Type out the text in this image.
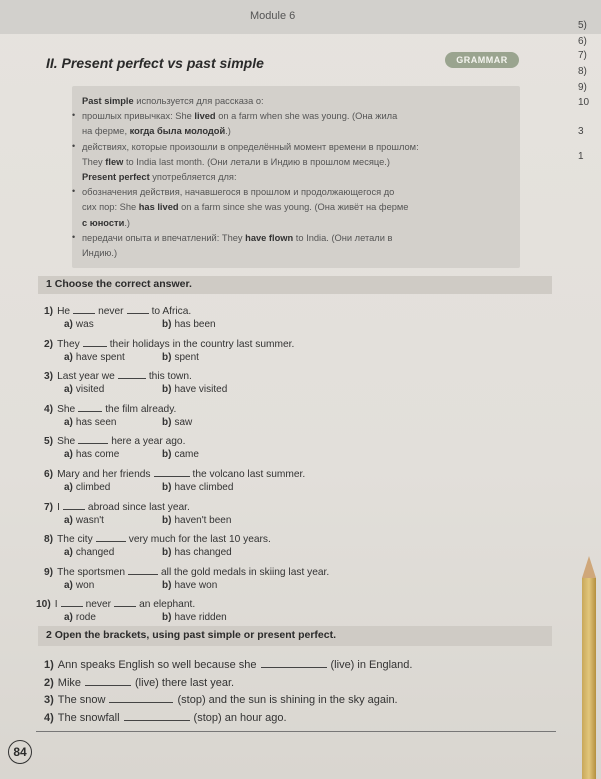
Module 6
II. Present perfect vs past simple	GRAMMAR
5)
6)
7)
8)
9)
10
3
1
Past simple используется для рассказа о:
прошлых привычках: She lived on a farm when she was young. (Она жила
•
на ферме, когда была молодой.)
действиях, которые произошли в определённый момент времени в прошлом:
•
They flew to India last month. (Они летали в Индию в прошлом месяце.)
Present perfect употребляется для:
обозначения действия, начавшегося в прошлом и продолжающегося до
•
сих пор: She has lived on a farm since she was young. (Она живёт на ферме
с юности.)
передачи опыта и впечатлений: They have flown to India. (Они летали в
•
Индию.)
1 Choose the correct answer.
1) He	never	to Africa.
a) was	b) has been
2) They	their holidays in the country last summer.
a) have spent	b) spent
3) Last year we	this town.
a) visited	b) have visited
4) She	the film already.
a) has seen	b) saw
5) She	here a year ago.
a) has come	b) came
6) Mary and her friends	the volcano last summer.
a) climbed	b) have climbed
7) I	abroad since last year.
a) wasn't	b) haven't been
8) The city	very much for the last 10 years.
a) changed	b) has changed
9) The sportsmen	all the gold medals in skiing last year.
a) won	b) have won
10) I	never	an elephant.
a) rode	b) have ridden
2 Open the brackets, using past simple or present perfect.
1) Ann speaks English so well because she	(live) in England.
2) Mike	(live) there last year.
3) The snow	(stop) and the sun is shining in the sky again.
4) The snowfall	(stop) an hour ago.
84
